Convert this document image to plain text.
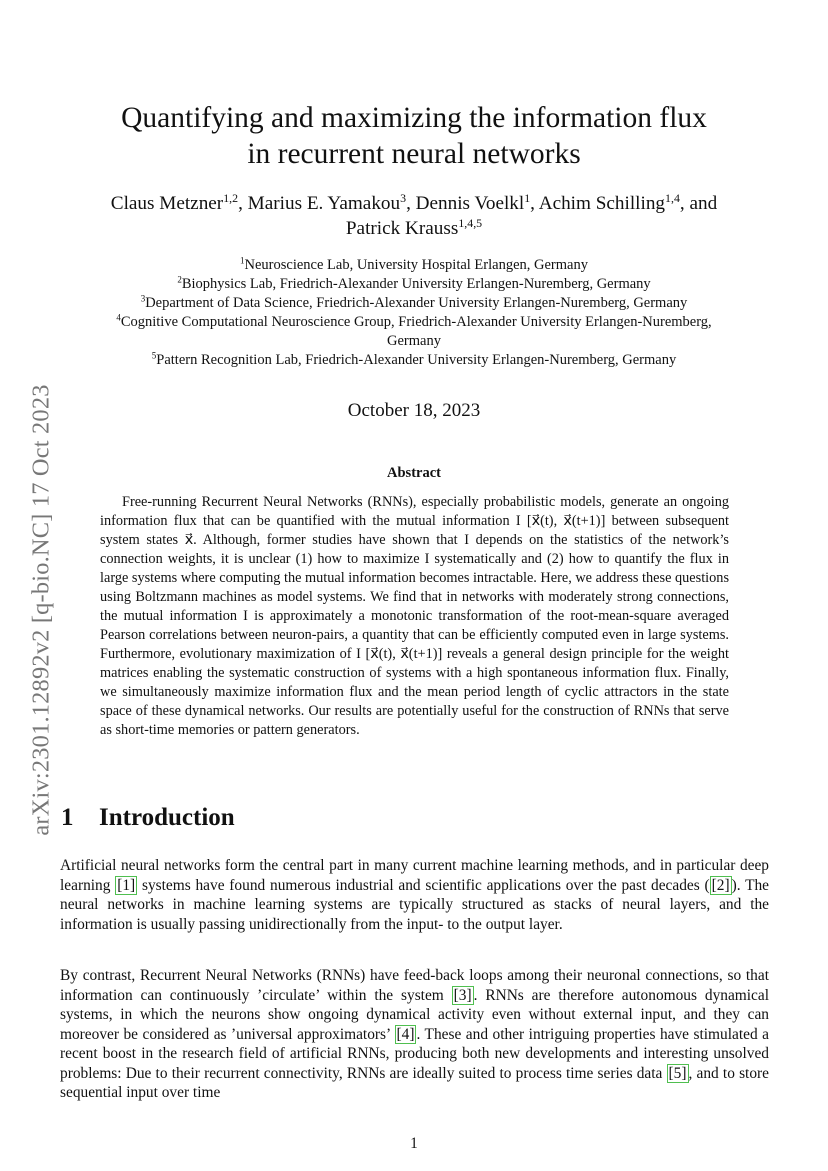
arXiv:2301.12892v2 [q-bio.NC] 17 Oct 2023
Quantifying and maximizing the information flux
in recurrent neural networks
Claus Metzner$^{1,2}$, Marius E. Yamakou$^3$, Dennis Voelkl$^1$, Achim Schilling$^{1,4}$, and
Patrick Krauss$^{1,4,5}$
$^1$Neuroscience Lab, University Hospital Erlangen, Germany
$^2$Biophysics Lab, Friedrich-Alexander University Erlangen-Nuremberg, Germany
$^3$Department of Data Science, Friedrich-Alexander University Erlangen-Nuremberg, Germany
$^4$Cognitive Computational Neuroscience Group, Friedrich-Alexander University Erlangen-Nuremberg,
Germany
$^5$Pattern Recognition Lab, Friedrich-Alexander University Erlangen-Nuremberg, Germany
October 18, 2023
Abstract

Free-running Recurrent Neural Networks (RNNs), especially probabilistic models, generate an ongoing information flux that can be quantified with the mutual information I [x⃗(t), x⃗(t+1)] between subsequent system states x⃗. Although, former studies have shown that I depends on the statistics of the network’s connection weights, it is unclear (1) how to maximize I systematically and (2) how to quantify the flux in large systems where computing the mutual information becomes intractable. Here, we address these questions using Boltzmann machines as model systems. We find that in networks with moderately strong connections, the mutual information I is approximately a monotonic transformation of the root-mean-square averaged Pearson correlations between neuron-pairs, a quantity that can be efficiently computed even in large systems. Furthermore, evolutionary maximization of I [x⃗(t), x⃗(t+1)] reveals a general design principle for the weight matrices enabling the systematic construction of systems with a high spontaneous information flux. Finally, we simultaneously maximize information flux and the mean period length of cyclic attractors in the state space of these dynamical networks. Our results are potentially useful for the construction of RNNs that serve as short-time memories or pattern generators.

1 Introduction

Artificial neural networks form the central part in many current machine learning methods, and in particular deep learning [1] systems have found numerous industrial and scientific applications over the past decades ( [2] ). The neural networks in machine learning systems are typically structured as stacks of neural layers, and the information is usually passing unidirectionally from the input- to the output layer.

By contrast, Recurrent Neural Networks (RNNs) have feed-back loops among their neuronal connections, so that information can continuously ’circulate’ within the system [3] . RNNs are therefore autonomous dynamical systems, in which the neurons show ongoing dynamical activity even without external input, and they can moreover be considered as ’universal approximators’ [4] . These and other intriguing properties have stimulated a recent boost in the research field of artificial RNNs, producing both new developments and interesting unsolved problems: Due to their recurrent connectivity, RNNs are ideally suited to process time series data [5] , and to store sequential input over time

1
